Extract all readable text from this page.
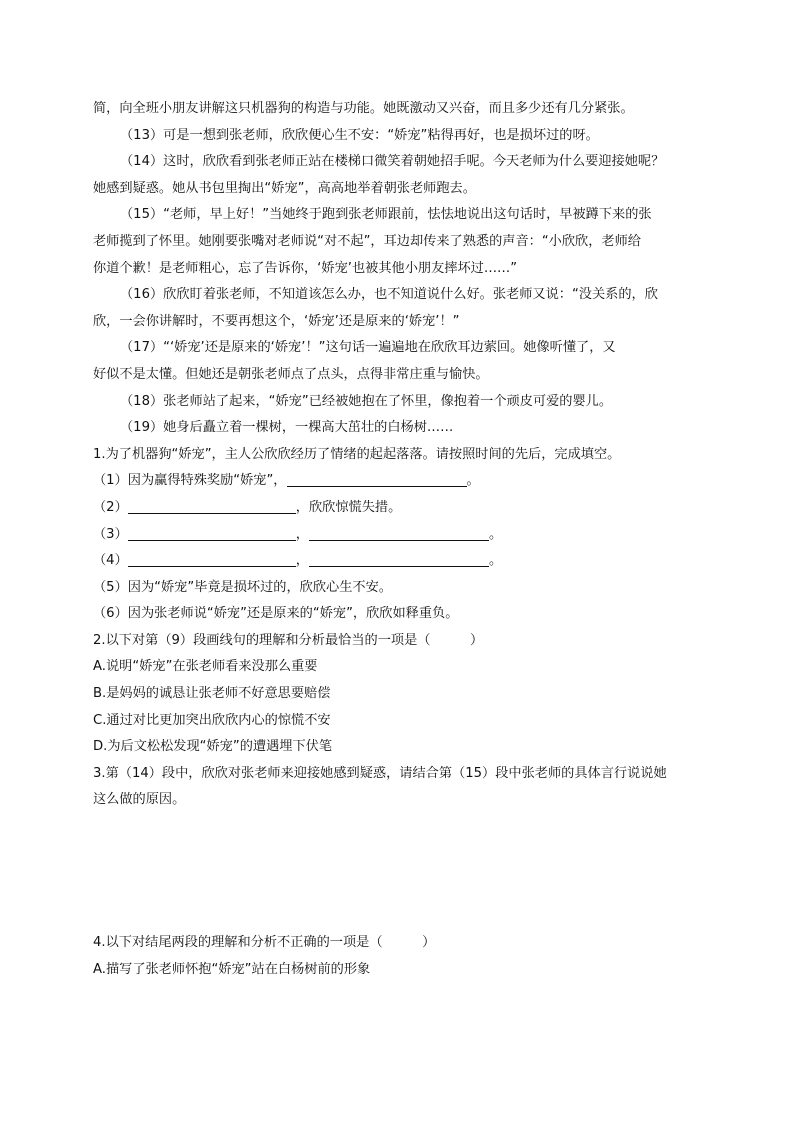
简，向全班小朋友讲解这只机器狗的构造与功能。她既激动又兴奋，而且多少还有几分紧张。
（13）可是一想到张老师，欣欣便心生不安：“娇宠”粘得再好，也是损坏过的呀。
（14）这时，欣欣看到张老师正站在楼梯口微笑着朝她招手呢。今天老师为什么要迎接她呢？
她感到疑惑。她从书包里掏出“娇宠”，高高地举着朝张老师跑去。
（15）“老师，早上好！”当她终于跑到张老师跟前，怯怯地说出这句话时，早被蹲下来的张
老师揽到了怀里。她刚要张嘴对老师说“对不起”，耳边却传来了熟悉的声音：“小欣欣，老师给
你道个歉！是老师粗心，忘了告诉你，‘娇宠’也被其他小朋友摔坏过……”
（16）欣欣盯着张老师，不知道该怎么办，也不知道说什么好。张老师又说：“没关系的，欣
欣，一会你讲解时，不要再想这个，‘娇宠’还是原来的‘娇宠’！”
（17）“‘娇宠’还是原来的‘娇宠’！”这句话一遍遍地在欣欣耳边萦回。她像听懂了，又
好似不是太懂。但她还是朝张老师点了点头，点得非常庄重与愉快。
（18）张老师站了起来，“娇宠”已经被她抱在了怀里，像抱着一个顽皮可爱的婴儿。
（19）她身后矗立着一棵树，一棵高大茁壮的白杨树……
1.为了机器狗“娇宠”，主人公欣欣经历了情绪的起起落落。请按照时间的先后，完成填空。
（1）因为赢得特殊奖励“娇宠”，	。
（2）	，欣欣惊慌失措。
（3）	，	。
（4）	，	。
（5）因为“娇宠”毕竟是损坏过的，欣欣心生不安。
（6）因为张老师说“娇宠”还是原来的“娇宠”，欣欣如释重负。
2.以下对第（9）段画线句的理解和分析最恰当的一项是（　　　）
A.说明“娇宠”在张老师看来没那么重要
B.是妈妈的诚恳让张老师不好意思要赔偿
C.通过对比更加突出欣欣内心的惊慌不安
D.为后文松松发现“娇宠”的遭遇埋下伏笔
3.第（14）段中，欣欣对张老师来迎接她感到疑惑，请结合第（15）段中张老师的具体言行说说她
这么做的原因。
4.以下对结尾两段的理解和分析不正确的一项是（　　　）
A.描写了张老师怀抱“娇宠”站在白杨树前的形象
